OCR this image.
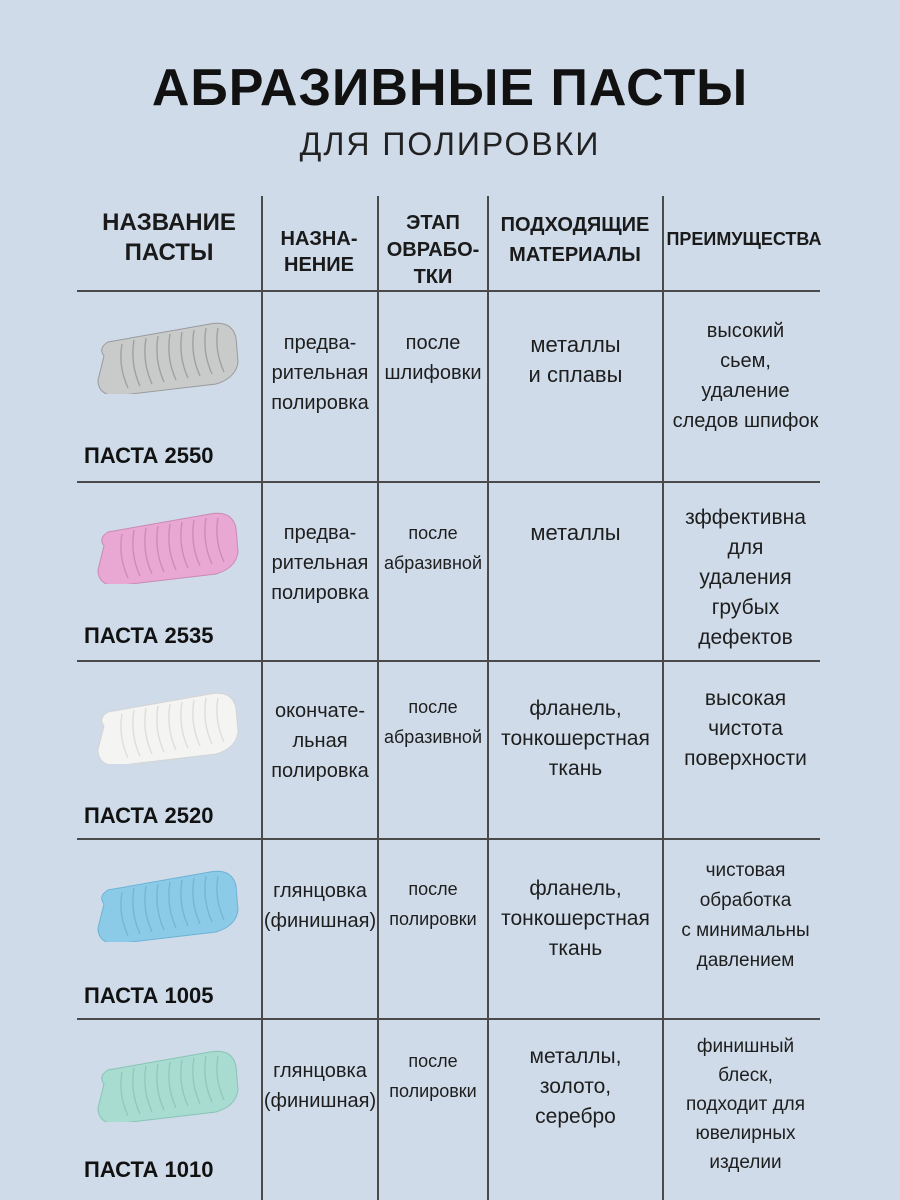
АБРАЗИВНЫЕ ПАСТЫ
ДЛЯ ПОЛИРОВКИ
НАЗВАНИЕ
ПАСТЫ	НАЗНА-
НЕНИЕ
ЭТАП
ОВРАБО-
ТКИ
ПОДХОДЯЩИЕ
МАТЕРИАЛЫ
ПРЕИМУЩЕСТВА
ПАСТА 2550
предва-
рительная
полировка
после
шлифовки
металлы
и сплавы
высокий
сьем,
удаление
следов шпифок
ПАСТА 2535
предва-
рительная
полировка
после
абразивной
металлы
зффективна
для
удаления
грубых дефектов
ПАСТА 2520
окончате-
льная
полировка
после
абразивной
фланель,
тонкошерстная
ткань
высокая
чистота
поверхности
ПАСТА 1005
глянцовка
(финишная)
после
полировки
фланель,
тонкошерстная
ткань
чистовая
обработка
с минимальны
давлением
ПАСТА 1010
глянцовка
(финишная)
после
полировки
металлы,
золото,
серебро
финишный
блеск,
подходит для
ювелирных
изделии
